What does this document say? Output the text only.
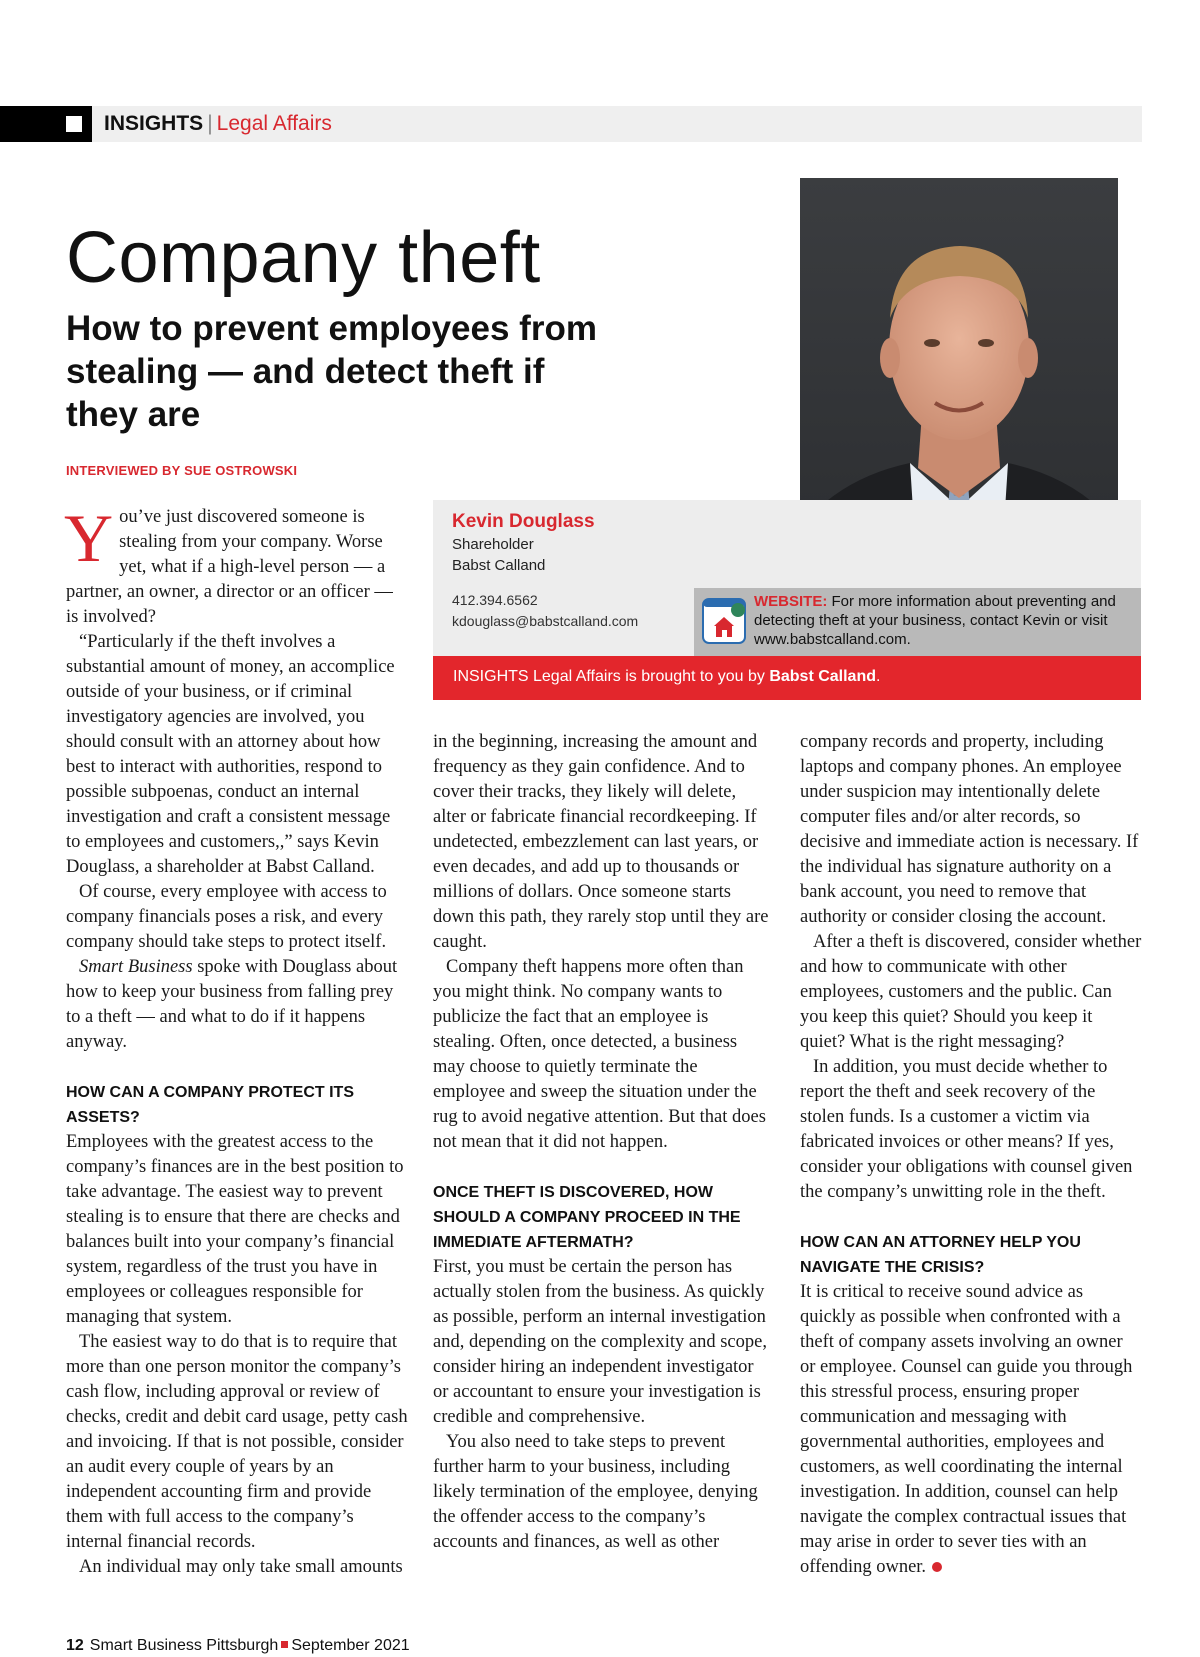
INSIGHTS | Legal Affairs
Company theft
How to prevent employees from stealing — and detect theft if they are
INTERVIEWED BY SUE OSTROWSKI
Kevin Douglass
Shareholder
Babst Calland
412.394.6562
kdouglass@babstcalland.com

WEBSITE: For more information about preventing and detecting theft at your business, contact Kevin or visit www.babstcalland.com.

INSIGHTS Legal Affairs is brought to you by Babst Calland.

You’ve just discovered someone is stealing from your company. Worse yet, what if a high-level person — a partner, an owner, a director or an officer — is involved?

“Particularly if the theft involves a substantial amount of money, an accomplice outside of your business, or if criminal investigatory agencies are involved, you should consult with an attorney about how best to interact with authorities, respond to possible subpoenas, conduct an internal investigation and craft a consistent message to employees and customers,,” says Kevin Douglass, a shareholder at Babst Calland.

Of course, every employee with access to company financials poses a risk, and every company should take steps to protect itself.

Smart Business spoke with Douglass about how to keep your business from falling prey to a theft — and what to do if it happens anyway.

HOW CAN A COMPANY PROTECT ITS ASSETS?

Employees with the greatest access to the company’s finances are in the best position to take advantage. The easiest way to prevent stealing is to ensure that there are checks and balances built into your company’s financial system, regardless of the trust you have in employees or colleagues responsible for managing that system.

The easiest way to do that is to require that more than one person monitor the company’s cash flow, including approval or review of checks, credit and debit card usage, petty cash and invoicing. If that is not possible, consider an audit every couple of years by an independent accounting firm and provide them with full access to the company’s internal financial records.

An individual may only take small amounts

in the beginning, increasing the amount and frequency as they gain confidence. And to cover their tracks, they likely will delete, alter or fabricate financial recordkeeping. If undetected, embezzlement can last years, or even decades, and add up to thousands or millions of dollars. Once someone starts down this path, they rarely stop until they are caught.

Company theft happens more often than you might think. No company wants to publicize the fact that an employee is stealing. Often, once detected, a business may choose to quietly terminate the employee and sweep the situation under the rug to avoid negative attention. But that does not mean that it did not happen.

ONCE THEFT IS DISCOVERED, HOW SHOULD A COMPANY PROCEED IN THE IMMEDIATE AFTERMATH?

First, you must be certain the person has actually stolen from the business. As quickly as possible, perform an internal investigation and, depending on the complexity and scope, consider hiring an independent investigator or accountant to ensure your investigation is credible and comprehensive.

You also need to take steps to prevent further harm to your business, including likely termination of the employee, denying the offender access to the company’s accounts and finances, as well as other

company records and property, including laptops and company phones. An employee under suspicion may intentionally delete computer files and/or alter records, so decisive and immediate action is necessary. If the individual has signature authority on a bank account, you need to remove that authority or consider closing the account.

After a theft is discovered, consider whether and how to communicate with other employees, customers and the public. Can you keep this quiet? Should you keep it quiet? What is the right messaging?

In addition, you must decide whether to report the theft and seek recovery of the stolen funds. Is a customer a victim via fabricated invoices or other means? If yes, consider your obligations with counsel given the company’s unwitting role in the theft.

HOW CAN AN ATTORNEY HELP YOU NAVIGATE THE CRISIS?

It is critical to receive sound advice as quickly as possible when confronted with a theft of company assets involving an owner or employee. Counsel can guide you through this stressful process, ensuring proper communication and messaging with governmental authorities, employees and customers, as well coordinating the internal investigation. In addition, counsel can help navigate the complex contractual issues that may arise in order to sever ties with an offending owner.

12 Smart Business Pittsburgh September 2021
